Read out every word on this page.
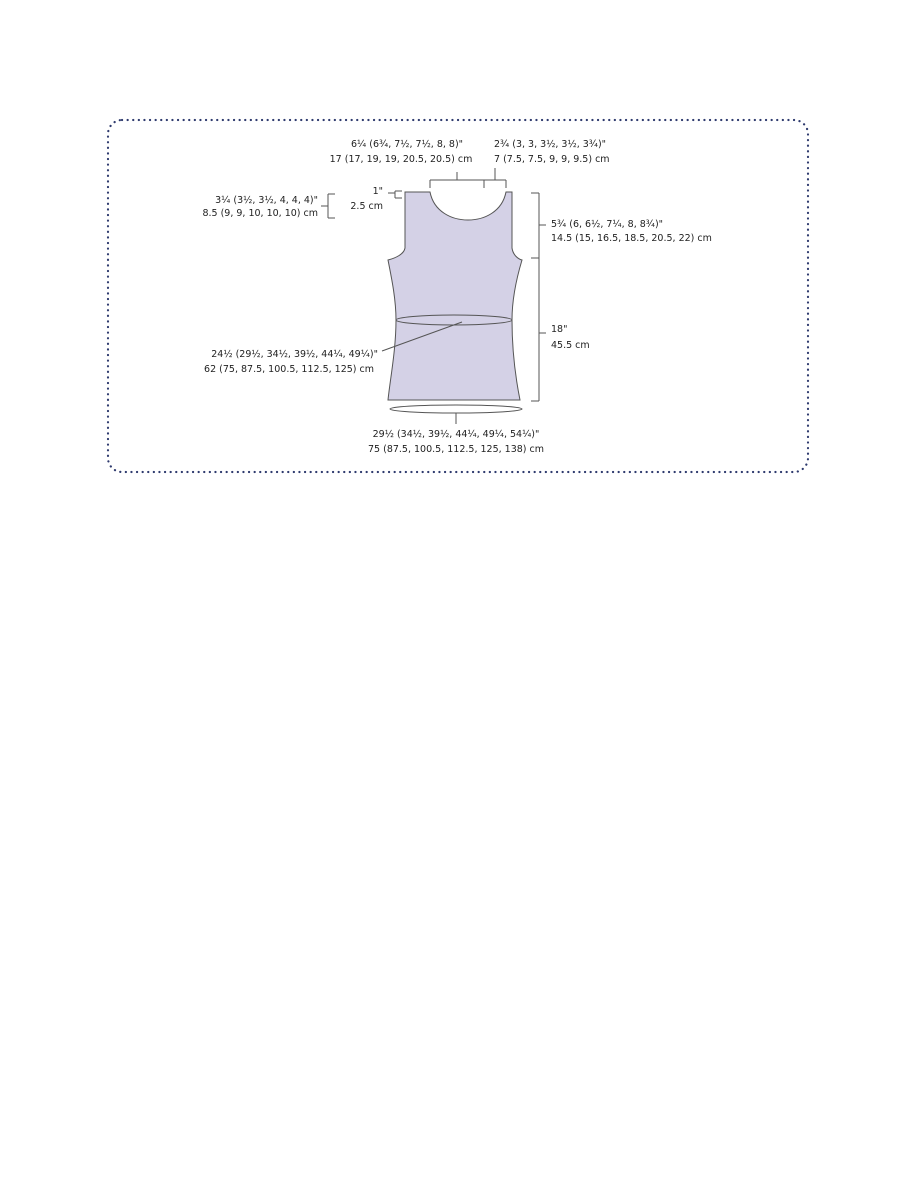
6¼ (6¾, 7½, 7½, 8, 8)"
17 (17, 19, 19, 20.5, 20.5) cm
2¾ (3, 3, 3½, 3½, 3¾)"
7 (7.5, 7.5, 9, 9, 9.5) cm
3¼ (3½, 3½, 4, 4, 4)"
8.5 (9, 9, 10, 10, 10) cm
1"
2.5 cm
5¾ (6, 6½, 7¼, 8, 8¾)"
14.5 (15, 16.5, 18.5, 20.5, 22) cm
18"
45.5 cm
24½ (29½, 34½, 39½, 44¼, 49¼)"
62 (75, 87.5, 100.5, 112.5, 125) cm
29½ (34½, 39½, 44¼, 49¼, 54¼)"
75 (87.5, 100.5, 112.5, 125, 138) cm
